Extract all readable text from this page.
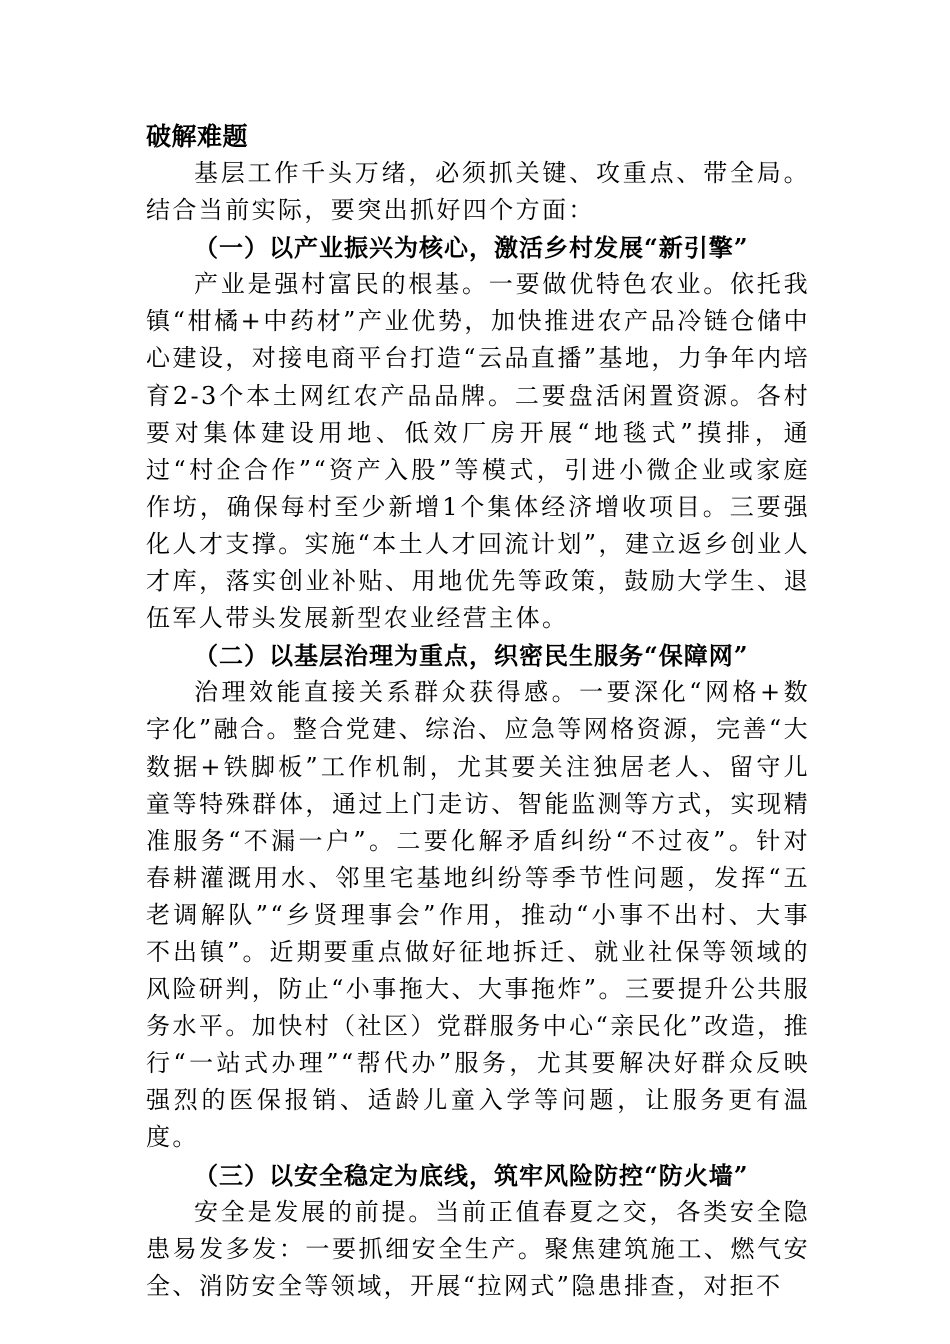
破解难题

基层工作千头万绪，必须抓关键、攻重点、带全局。结合当前实际，要突出抓好四个方面：

（一）以产业振兴为核心，激活乡村发展“新引擎”

产业是强村富民的根基。一要做优特色农业。依托我镇“柑橘+中药材”产业优势，加快推进农产品冷链仓储中心建设，对接电商平台打造“云品直播”基地，力争年内培育2-3个本土网红农产品品牌。二要盘活闲置资源。各村要对集体建设用地、低效厂房开展“地毯式”摸排，通过“村企合作”“资产入股”等模式，引进小微企业或家庭作坊，确保每村至少新增1个集体经济增收项目。三要强化人才支撑。实施“本土人才回流计划”，建立返乡创业人才库，落实创业补贴、用地优先等政策，鼓励大学生、退伍军人带头发展新型农业经营主体。

（二）以基层治理为重点，织密民生服务“保障网”

治理效能直接关系群众获得感。一要深化“网格+数字化”融合。整合党建、综治、应急等网格资源，完善“大数据+铁脚板”工作机制，尤其要关注独居老人、留守儿童等特殊群体，通过上门走访、智能监测等方式，实现精准服务“不漏一户”。二要化解矛盾纠纷“不过夜”。针对春耕灌溉用水、邻里宅基地纠纷等季节性问题，发挥“五老调解队”“乡贤理事会”作用，推动“小事不出村、大事不出镇”。近期要重点做好征地拆迁、就业社保等领域的风险研判，防止“小事拖大、大事拖炸”。三要提升公共服务水平。加快村（社区）党群服务中心“亲民化”改造，推行“一站式办理”“帮代办”服务，尤其要解决好群众反映强烈的医保报销、适龄儿童入学等问题，让服务更有温度。

（三）以安全稳定为底线，筑牢风险防控“防火墙”

安全是发展的前提。当前正值春夏之交，各类安全隐患易发多发：一要抓细安全生产。聚焦建筑施工、燃气安全、消防安全等领域，开展“拉网式”隐患排查，对拒不
